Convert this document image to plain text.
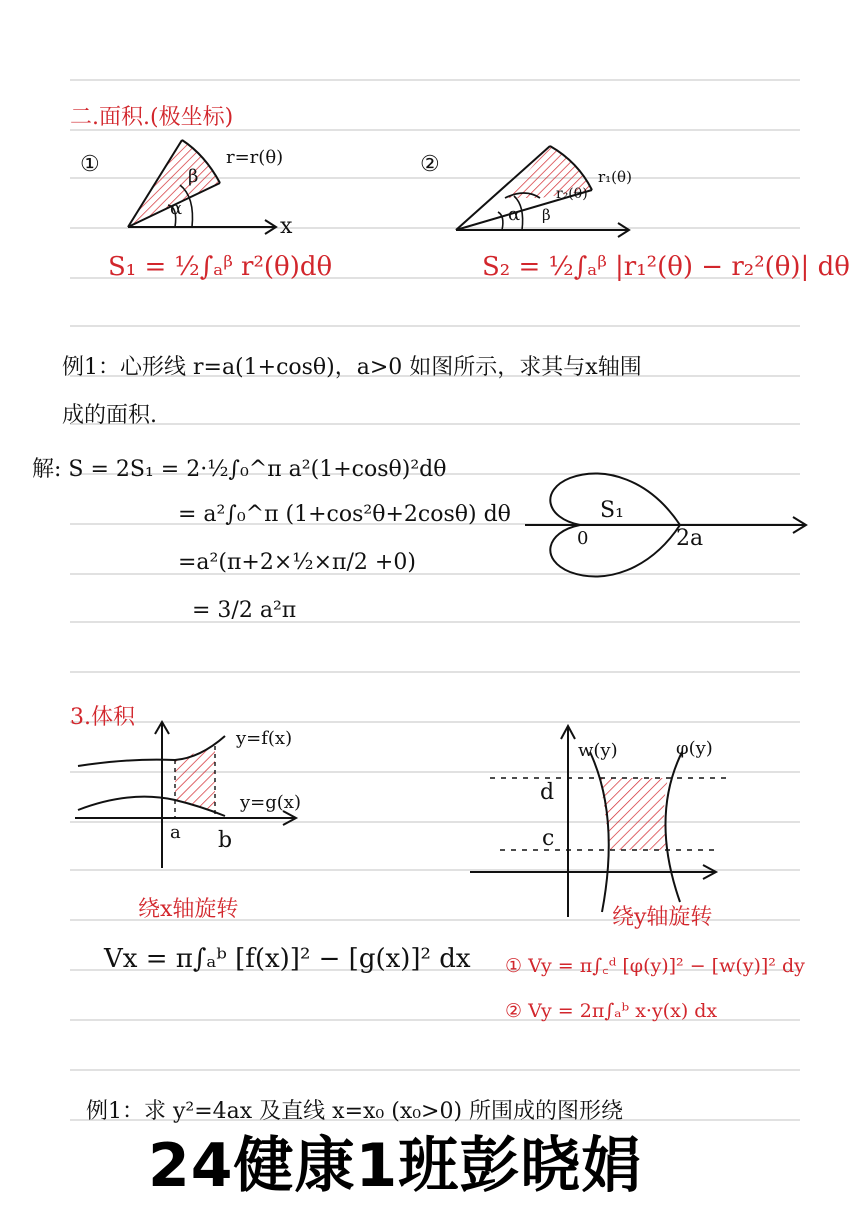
二.面积.(极坐标)
①	r=r(θ)
α
β
x
S₁ = ½∫ₐᵝ r²(θ)dθ
②	r₁(θ)
r₂(θ)
α β
S₂ = ½∫ₐᵝ |r₁²(θ) − r₂²(θ)| dθ
例1：心形线 r=a(1+cosθ)，a>0 如图所示，求其与x轴围
成的面积.
解: S = 2S₁ = 2·½∫₀^π a²(1+cosθ)²dθ
= a²∫₀^π (1+cos²θ+2cosθ) dθ
=a²(π+2×½×π/2 +0)
= 3/2 a²π
S₁
0	2a
3.体积
y=f(x)
y=g(x)
a b
绕x轴旋转
w(y)	φ(y)
d
c
绕y轴旋转
Vx = π∫ₐᵇ [f(x)]² − [g(x)]² dx ① Vy = π∫꜀ᵈ [φ(y)]² − [w(y)]² dy
② Vy = 2π∫ₐᵇ x·y(x) dx
例1：求 y²=4ax 及直线 x=x₀ (x₀>0) 所围成的图形绕
24健康1班彭晓娟
